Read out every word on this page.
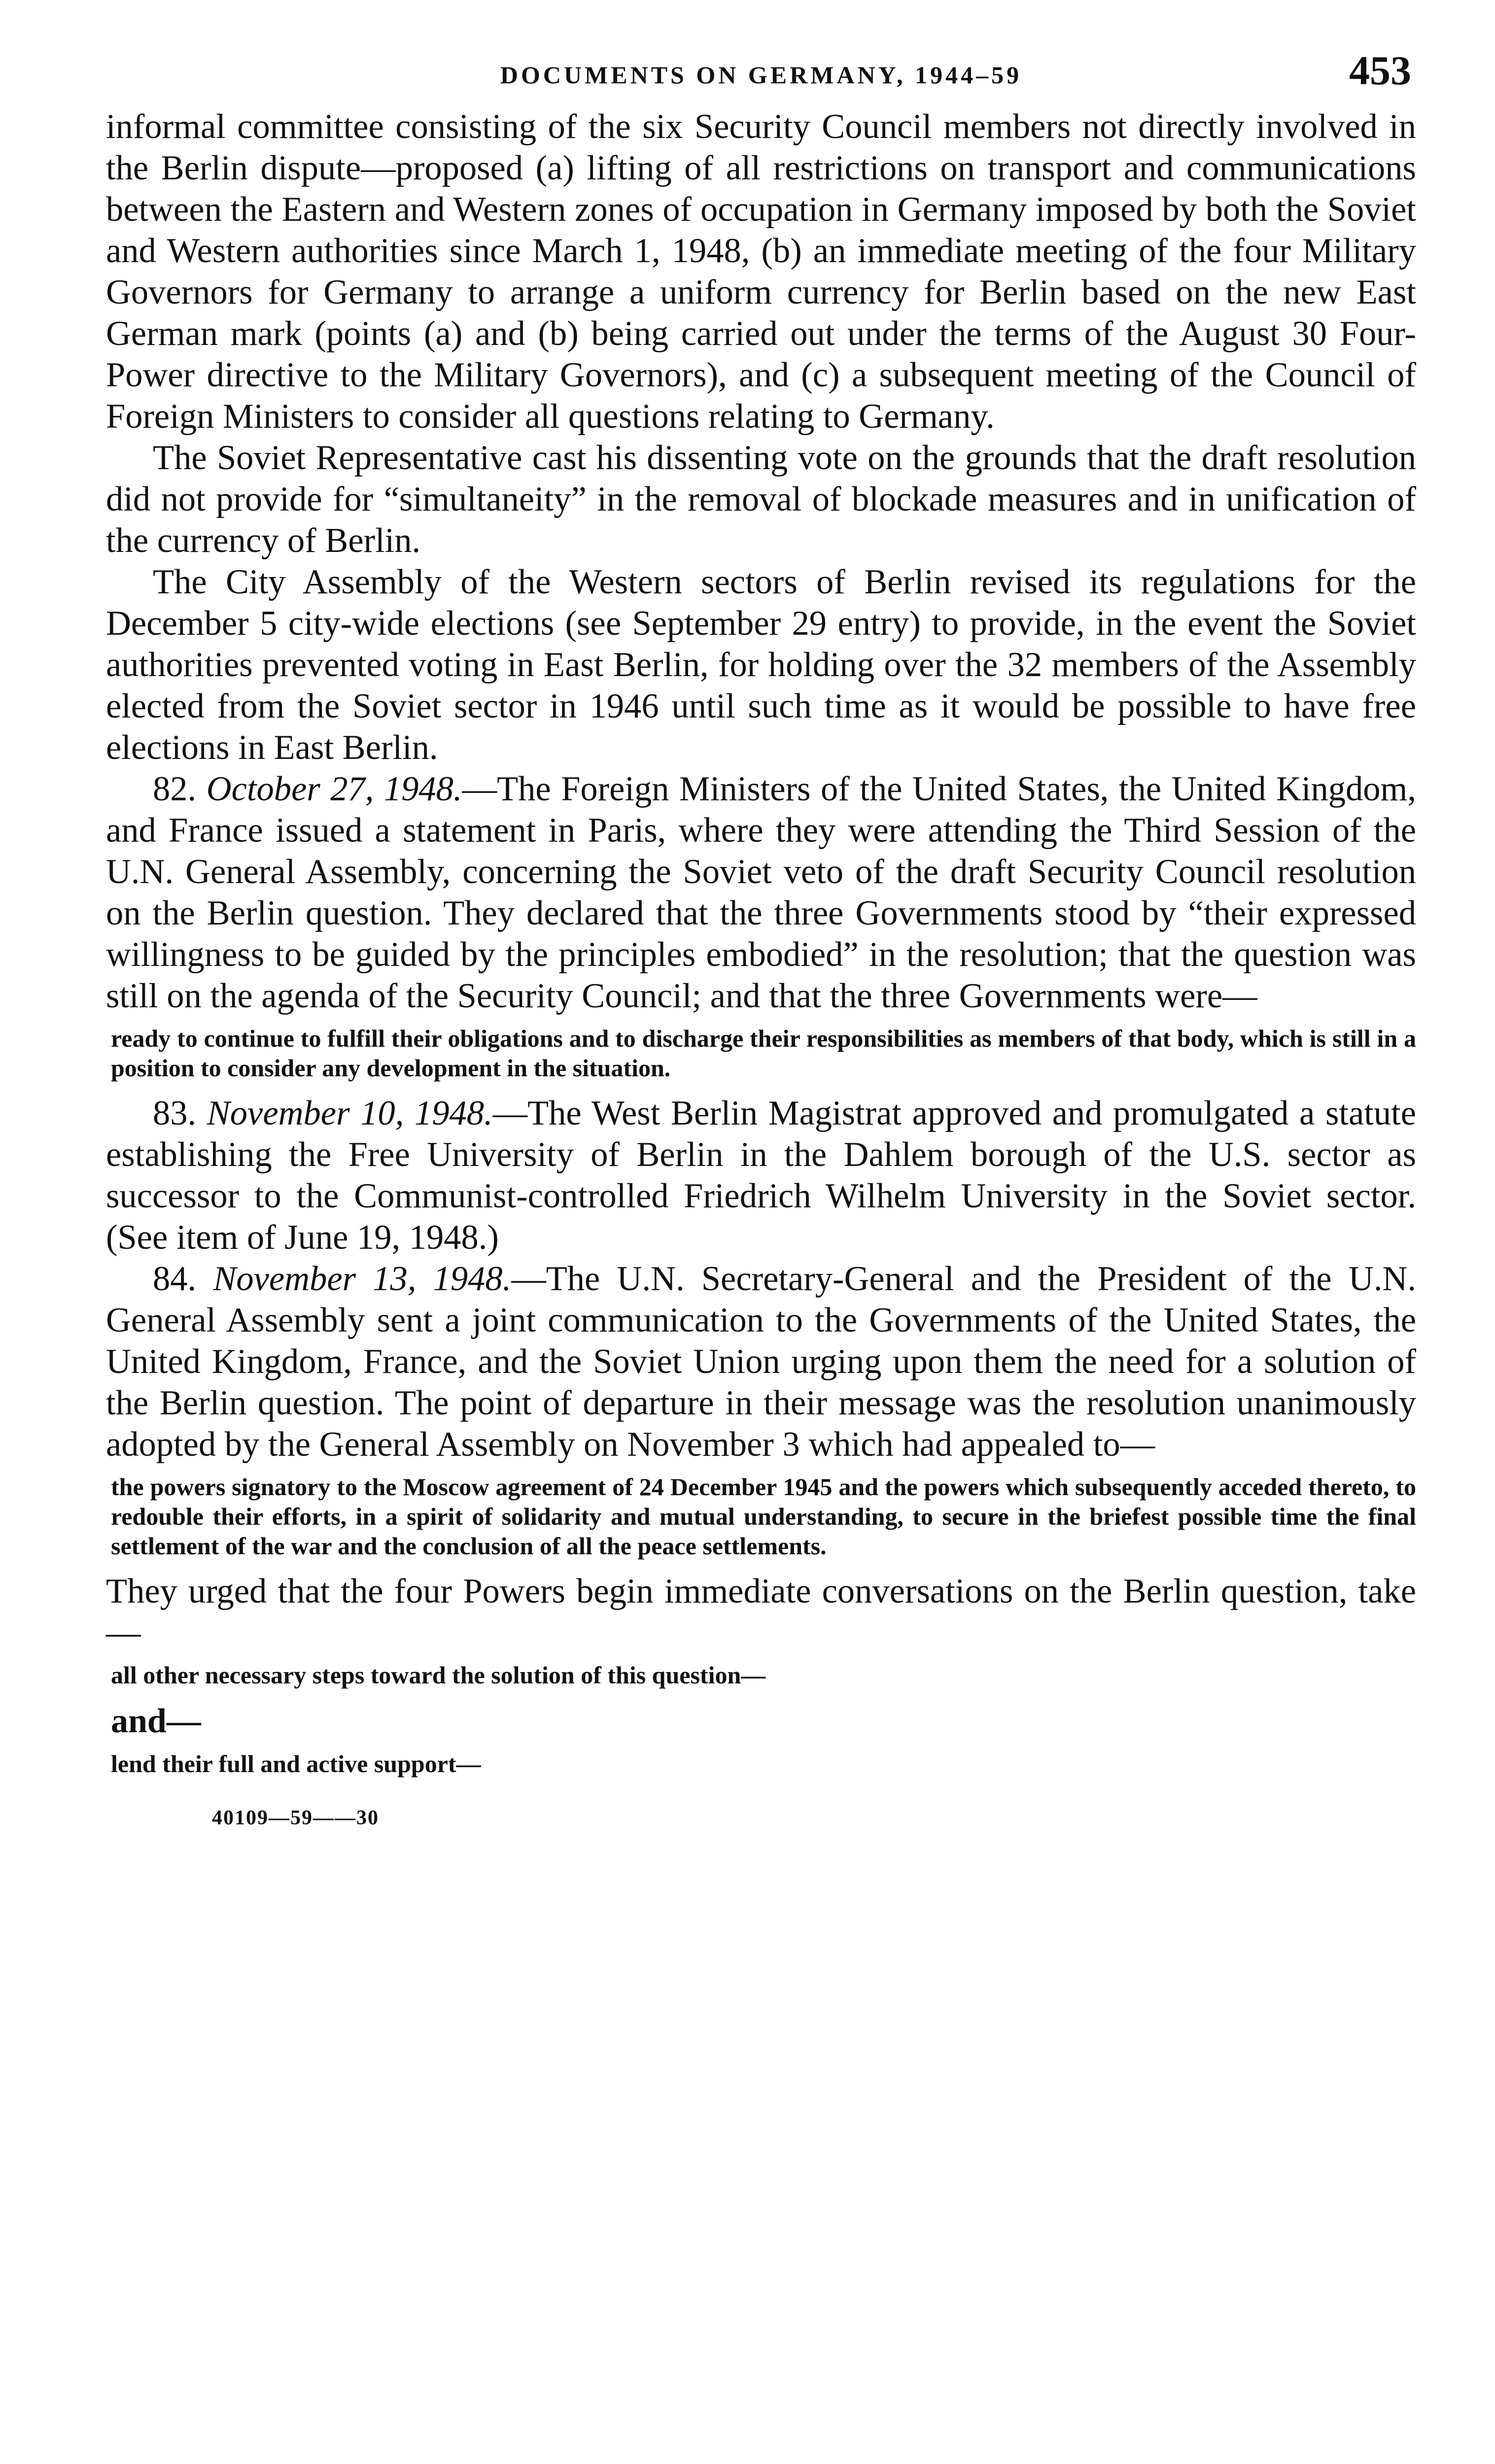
DOCUMENTS ON GERMANY, 1944–59	453

informal committee consisting of the six Security Council members not directly involved in the Berlin dispute—proposed (a) lifting of all restrictions on transport and communications between the Eastern and Western zones of occupation in Germany imposed by both the Soviet and Western authorities since March 1, 1948, (b) an immediate meeting of the four Military Governors for Germany to arrange a uniform currency for Berlin based on the new East German mark (points (a) and (b) being carried out under the terms of the August 30 Four-Power directive to the Military Governors), and (c) a subsequent meeting of the Council of Foreign Ministers to consider all questions relating to Germany.

The Soviet Representative cast his dissenting vote on the grounds that the draft resolution did not provide for “simultaneity” in the removal of blockade measures and in unification of the currency of Berlin.

The City Assembly of the Western sectors of Berlin revised its regulations for the December 5 city-wide elections (see September 29 entry) to provide, in the event the Soviet authorities prevented voting in East Berlin, for holding over the 32 members of the Assembly elected from the Soviet sector in 1946 until such time as it would be possible to have free elections in East Berlin.

82. October 27, 1948.—The Foreign Ministers of the United States, the United Kingdom, and France issued a statement in Paris, where they were attending the Third Session of the U.N. General Assembly, concerning the Soviet veto of the draft Security Council resolution on the Berlin question. They declared that the three Governments stood by “their expressed willingness to be guided by the principles embodied” in the resolution; that the question was still on the agenda of the Security Council; and that the three Governments were—

ready to continue to fulfill their obligations and to discharge their responsibilities as members of that body, which is still in a position to consider any development in the situation.

83. November 10, 1948.—The West Berlin Magistrat approved and promulgated a statute establishing the Free University of Berlin in the Dahlem borough of the U.S. sector as successor to the Communist-controlled Friedrich Wilhelm University in the Soviet sector. (See item of June 19, 1948.)

84. November 13, 1948.—The U.N. Secretary-General and the President of the U.N. General Assembly sent a joint communication to the Governments of the United States, the United Kingdom, France, and the Soviet Union urging upon them the need for a solution of the Berlin question. The point of departure in their message was the resolution unanimously adopted by the General Assembly on November 3 which had appealed to—

the powers signatory to the Moscow agreement of 24 December 1945 and the powers which subsequently acceded thereto, to redouble their efforts, in a spirit of solidarity and mutual understanding, to secure in the briefest possible time the final settlement of the war and the conclusion of all the peace settlements.

They urged that the four Powers begin immediate conversations on the Berlin question, take—

all other necessary steps toward the solution of this question—
and—
lend their full and active support—
40109—59——30
